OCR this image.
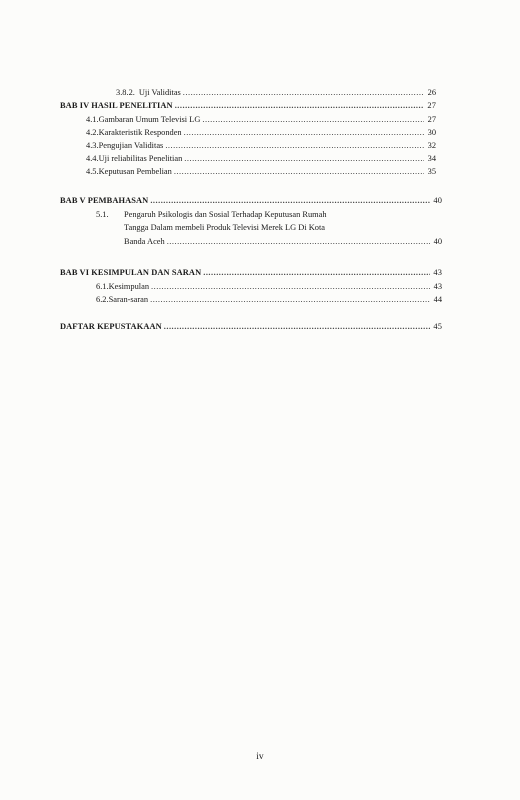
3.8.2. Uji Validitas .....	26
BAB IV HASIL PENELITIAN .....	27
4.1. Gambaran Umum Televisi LG .....	27
4.2. Karakteristik Responden .....	30
4.3. Pengujian Validitas .....	32
4.4. Uji reliabilitas Penelitian .....	34
4.5. Keputusan Pembelian .....	35
BAB V PEMBAHASAN .....	40
5.1. Pengaruh Psikologis dan Sosial Terhadap Keputusan Rumah
Tangga Dalam membeli Produk Televisi Merek LG Di Kota
Banda Aceh .....	40
BAB VI KESIMPULAN DAN SARAN .....	43
6.1. Kesimpulan .....	43
6.2. Saran-saran .....	44
DAFTAR KEPUSTAKAAN .....	45
iv
